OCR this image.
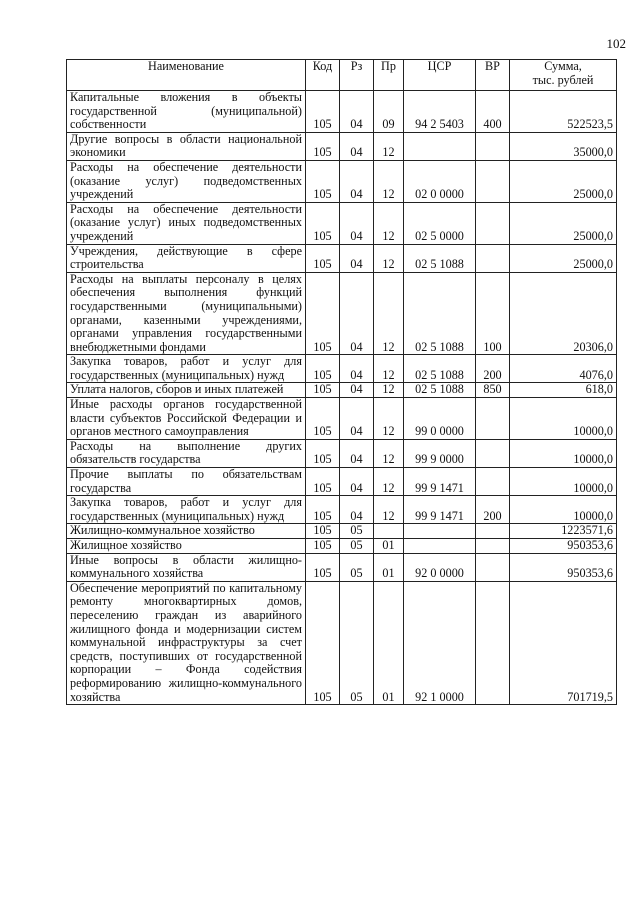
102
Наименование	Код	Рз	Пр	ЦСР	ВР	Сумма,
тыс. рублей
Капитальные вложения в объекты государственной (муниципальной) собственности	105	04	09	94 2 5403	400	522523,5
Другие вопросы в области национальной экономики	105	04	12			35000,0
Расходы на обеспечение деятельности (оказание услуг) подведомственных учреждений	105	04	12	02 0 0000		25000,0
Расходы на обеспечение деятельности (оказание услуг) иных подведомственных учреждений	105	04	12	02 5 0000		25000,0
Учреждения, действующие в сфере строительства	105	04	12	02 5 1088		25000,0
Расходы на выплаты персоналу в целях обеспечения выполнения функций государственными (муниципальными) органами, казенными учреждениями, органами управления государственными внебюджетными фондами	105	04	12	02 5 1088	100	20306,0
Закупка товаров, работ и услуг для государственных (муниципальных) нужд	105	04	12	02 5 1088	200	4076,0
Уплата налогов, сборов и иных платежей	105	04	12	02 5 1088	850	618,0
Иные расходы органов государственной власти субъектов Российской Федерации и органов местного самоуправления	105	04	12	99 0 0000		10000,0
Расходы на выполнение других обязательств государства	105	04	12	99 9 0000		10000,0
Прочие выплаты по обязательствам государства	105	04	12	99 9 1471		10000,0
Закупка товаров, работ и услуг для государственных (муниципальных) нужд	105	04	12	99 9 1471	200	10000,0
Жилищно-коммунальное хозяйство	105	05				1223571,6
Жилищное хозяйство	105	05	01			950353,6
Иные вопросы в области жилищно-коммунального хозяйства	105	05	01	92 0 0000		950353,6
Обеспечение мероприятий по капитальному ремонту многоквартирных домов, переселению граждан из аварийного жилищного фонда и модернизации систем коммунальной инфраструктуры за счет средств, поступивших от государственной корпорации – Фонда содействия реформированию жилищно-коммунального хозяйства	105	05	01	92 1 0000		701719,5
